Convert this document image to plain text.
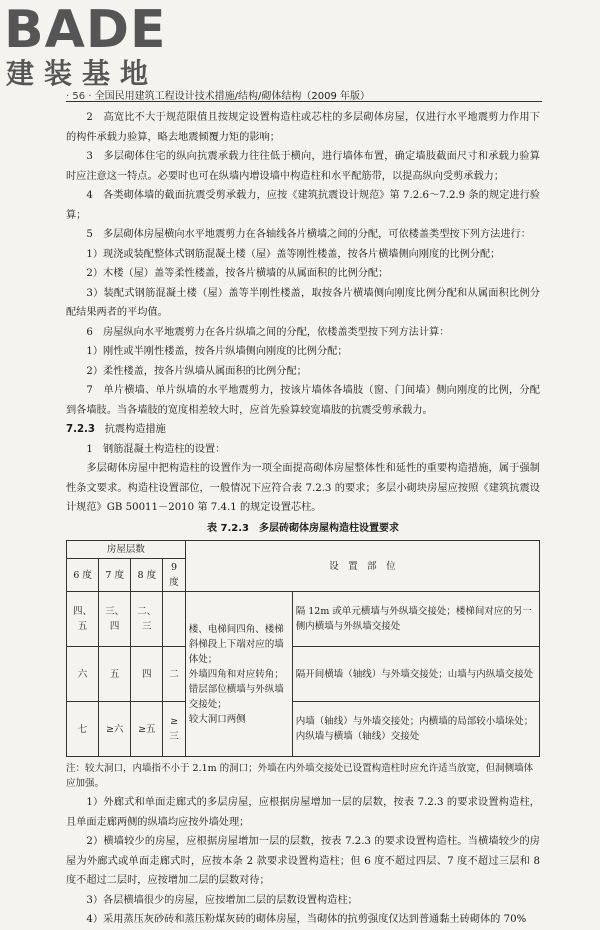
BADE
建装基地
· 56 · 全国民用建筑工程设计技术措施/结构/砌体结构（2009 年版）

2　高宽比不大于规范限值且按规定设置构造柱或芯柱的多层砌体房屋，仅进行水平地震剪力作用下的构件承载力验算，略去地震倾覆力矩的影响；

3　多层砌体住宅的纵向抗震承载力往往低于横向，进行墙体布置，确定墙肢截面尺寸和承载力验算时应注意这一特点。必要时也可在纵墙内增设墙中构造柱和水平配筋带，以提高纵向受剪承载力；

4　各类砌体墙的截面抗震受剪承载力，应按《建筑抗震设计规范》第 7.2.6～7.2.9 条的规定进行验算；

5　多层砌体房屋横向水平地震剪力在各轴线各片横墙之间的分配，可依楼盖类型按下列方法进行：

1）现浇或装配整体式钢筋混凝土楼（屋）盖等刚性楼盖，按各片横墙侧向刚度的比例分配；

2）木楼（屋）盖等柔性楼盖，按各片横墙的从属面积的比例分配；

3）装配式钢筋混凝土楼（屋）盖等半刚性楼盖，取按各片横墙侧向刚度比例分配和从属面积比例分配结果两者的平均值。

6　房屋纵向水平地震剪力在各片纵墙之间的分配，依楼盖类型按下列方法计算：

1）刚性或半刚性楼盖，按各片纵墙侧向刚度的比例分配；

2）柔性楼盖，按各片纵墙从属面积的比例分配；

7　单片横墙、单片纵墙的水平地震剪力，按该片墙体各墙肢（窗、门间墙）侧向刚度的比例，分配到各墙肢。当各墙肢的宽度相差较大时，应首先验算较宽墙肢的抗震受剪承载力。

7.2.3 抗震构造措施

1　钢筋混凝土构造柱的设置：

多层砌体房屋中把构造柱的设置作为一项全面提高砌体房屋整体性和延性的重要构造措施，属于强制性条文要求。构造柱设置部位，一般情况下应符合表 7.2.3 的要求；多层小砌块房屋应按照《建筑抗震设计规范》GB 50011－2010 第 7.4.1 的规定设置芯柱。

表 7.2.3　多层砖砌体房屋构造柱设置要求
房屋层数				设　置　部　位	
6 度	7 度	8 度	9 度		
四、五	三、四	二、三		楼、电梯间四角、楼梯斜梯段上下端对应的墙体处；
外墙四角和对应转角；
错层部位横墙与外纵墙交接处；
较大洞口两侧	隔 12m 或单元横墙与外纵墙交接处；楼梯间对应的另一侧内横墙与外纵墙交接处
六	五	四	二		隔开间横墙（轴线）与外墙交接处；山墙与内纵墙交接处
七	≥六	≥五	≥三		内墙（轴线）与外墙交接处；内横墙的局部较小墙垛处；内纵墙与横墙（轴线）交接处
注：较大洞口，内墙指不小于 2.1m 的洞口；外墙在内外墙交接处已设置构造柱时应允许适当放宽，但洞侧墙体应加强。

1）外廊式和单面走廊式的多层房屋，应根据房屋增加一层的层数，按表 7.2.3 的要求设置构造柱，且单面走廊两侧的纵墙均应按外墙处理；

2）横墙较少的房屋，应根据房屋增加一层的层数，按表 7.2.3 的要求设置构造柱。当横墙较少的房屋为外廊式或单面走廊式时，应按本条 2 款要求设置构造柱；但 6 度不超过四层、7 度不超过三层和 8 度不超过二层时，应按增加二层的层数对待；

3）各层横墙很少的房屋，应按增加二层的层数设置构造柱；

4）采用蒸压灰砂砖和蒸压粉煤灰砖的砌体房屋，当砌体的抗剪强度仅达到普通黏土砖砌体的 70%
